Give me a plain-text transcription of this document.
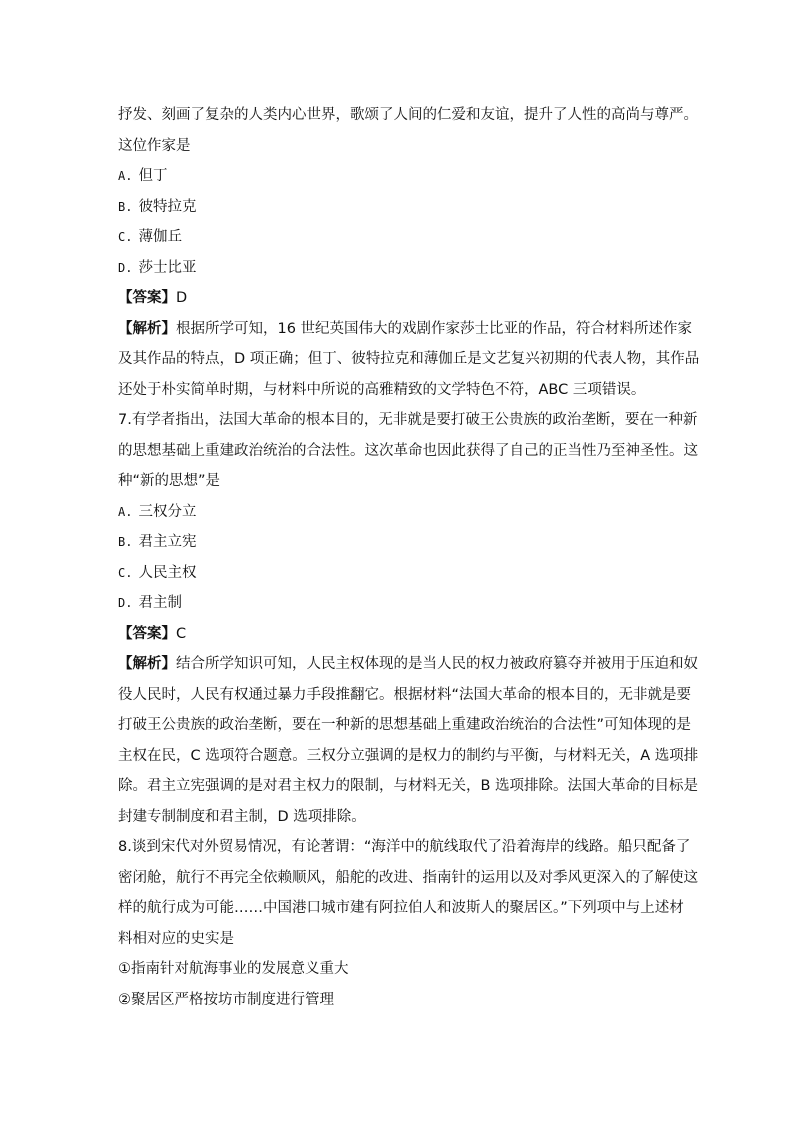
抒发、刻画了复杂的人类内心世界，歌颂了人间的仁爱和友谊，提升了人性的高尚与尊严。
这位作家是
A. 但丁
B. 彼特拉克
C. 薄伽丘
D. 莎士比亚
【答案】D
【解析】根据所学可知，16 世纪英国伟大的戏剧作家莎士比亚的作品，符合材料所述作家
及其作品的特点，D 项正确；但丁、彼特拉克和薄伽丘是文艺复兴初期的代表人物，其作品
还处于朴实简单时期，与材料中所说的高雅精致的文学特色不符，ABC 三项错误。
7.有学者指出，法国大革命的根本目的，无非就是要打破王公贵族的政治垄断，要在一种新
的思想基础上重建政治统治的合法性。这次革命也因此获得了自己的正当性乃至神圣性。这
种“新的思想”是
A. 三权分立
B. 君主立宪
C. 人民主权
D. 君主制
【答案】C
【解析】结合所学知识可知，人民主权体现的是当人民的权力被政府篡夺并被用于压迫和奴
役人民时，人民有权通过暴力手段推翻它。根据材料“法国大革命的根本目的，无非就是要
打破王公贵族的政治垄断，要在一种新的思想基础上重建政治统治的合法性”可知体现的是
主权在民，C 选项符合题意。三权分立强调的是权力的制约与平衡，与材料无关，A 选项排
除。君主立宪强调的是对君主权力的限制，与材料无关，B 选项排除。法国大革命的目标是
封建专制制度和君主制，D 选项排除。
8.谈到宋代对外贸易情况，有论著谓：“海洋中的航线取代了沿着海岸的线路。船只配备了
密闭舱，航行不再完全依赖顺风，船舵的改进、指南针的运用以及对季风更深入的了解使这
样的航行成为可能……中国港口城市建有阿拉伯人和波斯人的聚居区。”下列项中与上述材
料相对应的史实是
①指南针对航海事业的发展意义重大
②聚居区严格按坊市制度进行管理
